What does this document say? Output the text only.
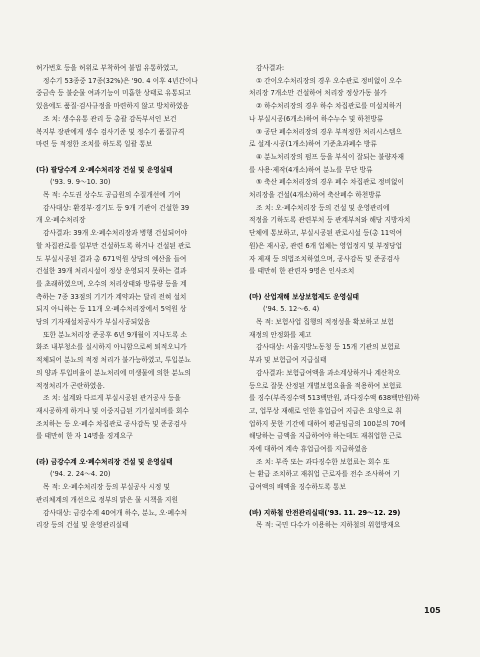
허가번호 등을 허위로 부착하여 불법 유통하였고,

정수기 53종중 17종(32%)은 '90. 4 이후 4년간이나

중금속 등 불순물 여과기능이 미흡한 상태로 유통되고

있음에도 품질·검사규정을 마련하지 않고 방치하였음

조 치: 생수유통 관리 등 총괄 감독부서인 보건

복지부 장관에게 생수 검사기준 및 정수기 품질규격

마련 등 적정한 조치를 하도록 일괄 통보

(다) 팔당수계 오·폐수처리장 건설 및 운영실태

('93. 9. 9～10. 30)

목 적: 수도권 상수도 공급원의 수질개선에 기여

감사대상: 환경부·경기도 등 9개 기관이 건설한 39

개 오·폐수처리장

감사결과: 39개 오·폐수처리장과 병행 건설되어야

할 차집관로를 일부만 건설하도록 하거나 건설된 관로

도 부실시공된 결과 총 671억원 상당의 예산을 들여

건설한 39개 처리시설이 정상 운영되지 못하는 결과

를 초래하였으며, 오수의 처리상태와 방류량 등을 계

측하는 7종 33점의 기기가 계약과는 달리 전혀 설치

되지 아니하는 등 11개 오·폐수처리장에서 5억원 상

당의 기자재설치공사가 부실시공되었음

또한 분뇨처리장 준공후 6년 9개월이 지나도록 소

화조 내부청소를 실시하지 아니함으로써 퇴적오니가

적체되어 분뇨의 적정 처리가 불가능하였고, 투입분뇨

의 양과 투입비율이 분뇨처리에 미생물에 의한 분뇨의

적정처리가 곤란하였음.

조 치: 설계와 다르게 부실시공된 관거공사 등을

재시공하게 하거나 및 이중지급된 기기설치비를 회수

조치하는 등 오·폐수 차집관로 공사감독 및 준공검사

를 태만히 한 자 14명을 징계요구

(라) 금강수계 오·폐수처리장 건설 및 운영실태

('94. 2. 24～4. 20)

목 적: 오·폐수처리장 등의 부실공사 시정 및

관리체계의 개선으로 정부의 맑은 물 시책을 지원

감사대상: 금강수계 40여개 하수, 분뇨, 오·폐수처

리장 등의 건설 및 운영관리실태

감사결과:

① 간이오수처리장의 경우 오수관로 정비없이 오수

처리장 7개소만 건설하여 처리장 정상가동 불가

② 하수처리장의 경우 하수 차집관로를 미설치하거

나 부실시공(6개소)하여 하수누수 및 하천방류

③ 공단 폐수처리장의 경우 부적정한 처리시스템으

로 설계·시공(1개소)하여 기준초과폐수 방류

④ 분뇨처리장의 펌프 등을 부식이 잘되는 불량자재

를 사용·제작(4개소)하여 분뇨를 무단 방류

⑤ 축산 폐수처리장의 경우 폐수 차집관로 정비없이

처리장을 건설(4개소)하여 축산폐수 하천방류

조 치: 오·폐수처리장 등의 건설 및 운영관리에

적정을 기하도록 관련부처 등 관계부처와 해당 지방자치

단체에 통보하고, 부실시공된 관로시설 등(총 11억여

원)은 재시공, 관련 6개 업체는 영업정지 및 부정당업

자 제재 등 의법조치하였으며, 공사감독 및 준공검사

를 태만히 한 관련자 9명은 인사조치

(마) 산업재해 보상보험제도 운영실태

('94. 5. 12～6. 4)

목 적: 보험사업 집행의 적정성을 확보하고 보험

재정의 안정화를 제고

감사대상: 서울지방노동청 등 15개 기관의 보험료

부과 및 보험급여 지급실태

감사결과: 보험급여액을 과소계상하거나 계산착오

등으로 잘못 산정된 개별보험요율을 적용하여 보험료

를 징수(부족징수액 513백만원, 과다징수액 638백만원)하

고, 업무상 재해로 인한 휴업급여 지급은 요양으로 취

업하지 못한 기간에 대하여 평균임금의 100분의 70에

해당하는 금액을 지급하여야 하는데도 재취업한 근로

자에 대하여 계속 휴업급여를 지급하였음

조 치: 부족 또는 과다징수한 보험료는 회수 또

는 환급 조치하고 재취업 근로자를 전수 조사하여 기

급여액의 배액을 징수하도록 통보

(바) 지하철 안전관리실태('93. 11. 29～12. 29)

목 적: 국민 다수가 이용하는 지하철의 위험방재요

105
